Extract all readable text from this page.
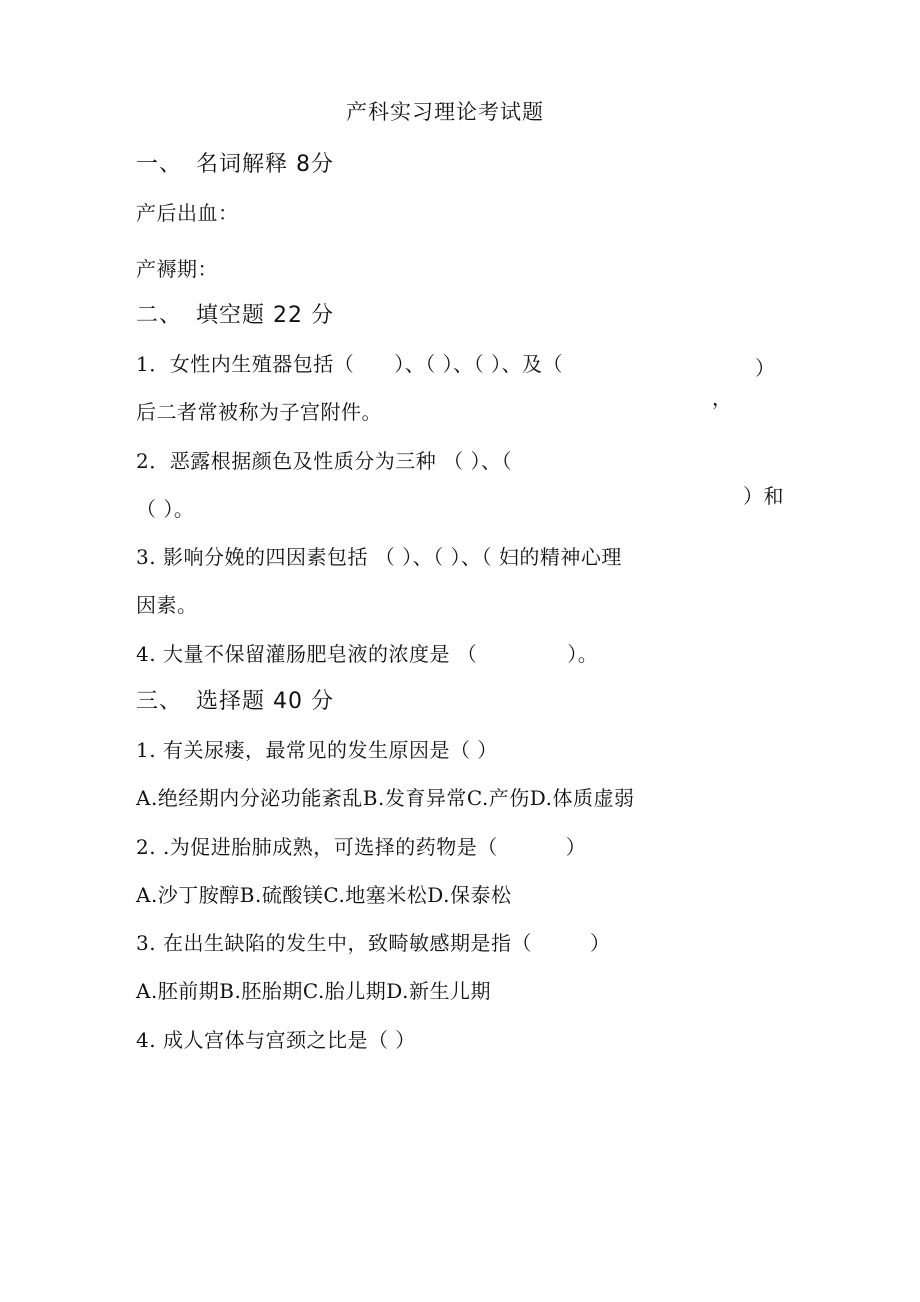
产科实习理论考试题
一、 名词解释 8分
产后出血：
产褥期：
二、 填空题 22 分
1．女性内生殖器包括（ ）、（ ）、（ ）、及（	）
，
后二者常被称为子宫附件。
2．恶露根据颜色及性质分为三种 （ ）、（
）和
（ ）。
3. 影响分娩的四因素包括 （ ）、（ ）、（ 妇的精神心理
因素。
4. 大量不保留灌肠肥皂液的浓度是 （	）。
三、 选择题 40 分
1. 有关尿瘘，最常见的发生原因是（ ）
A.绝经期内分泌功能紊乱B.发育异常C.产伤D.体质虚弱
2. .为促进胎肺成熟，可选择的药物是（	）
A.沙丁胺醇B.硫酸镁C.地塞米松D.保泰松
3. 在出生缺陷的发生中，致畸敏感期是指（	）
A.胚前期B.胚胎期C.胎儿期D.新生儿期
4. 成人宫体与宫颈之比是（ ）
